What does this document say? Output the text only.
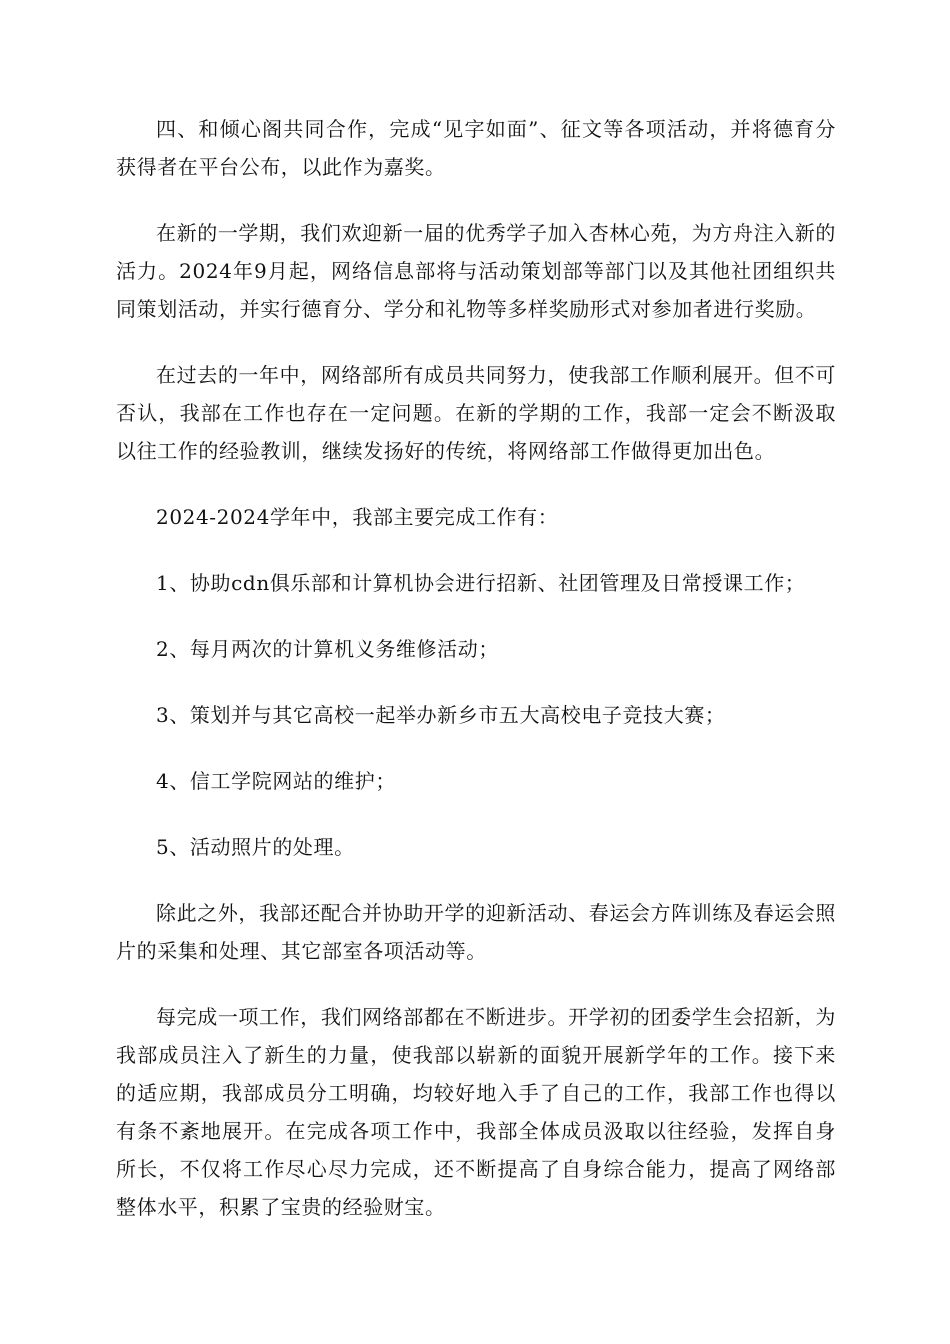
四、和倾心阁共同合作，完成“见字如面”、征文等各项活动，并将德育分获得者在平台公布，以此作为嘉奖。

在新的一学期，我们欢迎新一届的优秀学子加入杏林心苑，为方舟注入新的活力。2024年9月起，网络信息部将与活动策划部等部门以及其他社团组织共同策划活动，并实行德育分、学分和礼物等多样奖励形式对参加者进行奖励。

在过去的一年中，网络部所有成员共同努力，使我部工作顺利展开。但不可否认，我部在工作也存在一定问题。在新的学期的工作，我部一定会不断汲取以往工作的经验教训，继续发扬好的传统，将网络部工作做得更加出色。

2024-2024学年中，我部主要完成工作有：

1、协助cdn俱乐部和计算机协会进行招新、社团管理及日常授课工作；

2、每月两次的计算机义务维修活动；

3、策划并与其它高校一起举办新乡市五大高校电子竞技大赛；

4、信工学院网站的维护；

5、活动照片的处理。

除此之外，我部还配合并协助开学的迎新活动、春运会方阵训练及春运会照片的采集和处理、其它部室各项活动等。

每完成一项工作，我们网络部都在不断进步。开学初的团委学生会招新，为我部成员注入了新生的力量，使我部以崭新的面貌开展新学年的工作。接下来的适应期，我部成员分工明确，均较好地入手了自己的工作，我部工作也得以有条不紊地展开。在完成各项工作中，我部全体成员汲取以往经验，发挥自身所长，不仅将工作尽心尽力完成，还不断提高了自身综合能力，提高了网络部整体水平，积累了宝贵的经验财宝。
